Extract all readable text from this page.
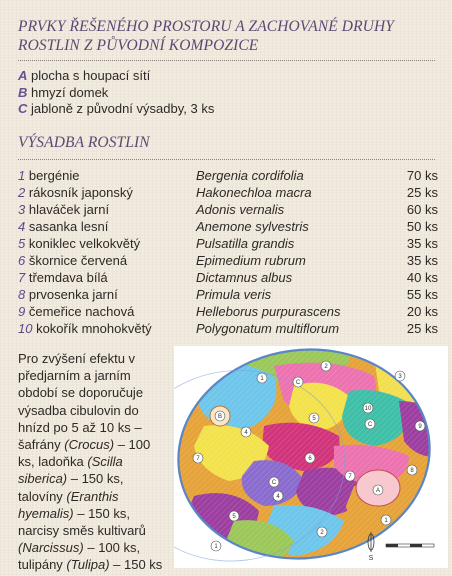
PRVKY ŘEŠENÉHO PROSTORU A ZACHOVANÉ DRUHY ROSTLIN Z PŮVODNÍ KOMPOZICE
A plocha s houpací sítí
B hmyzí domek
C jabloně z původní výsadby, 3 ks
VÝSADBA ROSTLIN
1 bergénie	Bergenia cordifolia	70 ks
2 rákosník japonský	Hakonechloa macra	25 ks
3 hlaváček jarní	Adonis vernalis	60 ks
4 sasanka lesní	Anemone sylvestris	50 ks
5 koniklec velkokvětý	Pulsatilla grandis	35 ks
6 škornice červená	Epimedium rubrum	35 ks
7 třemdava bílá	Dictamnus albus	40 ks
8 prvosenka jarní	Primula veris	55 ks
9 čemeřice nachová	Helleborus purpurascens	20 ks
10 kokořík mnohokvětý	Polygonatum multiflorum	25 ks
Pro zvýšení efektu v předjarním a jarním období se doporučuje výsadba cibulovin do hnízd po 5 až 10 ks – šafrány (Crocus) – 100 ks, ladoňka (Scilla siberica) – 150 ks, talovíny (Eranthis hyemalis) – 150 ks, narcisy směs kultivarů (Narcissus) – 100 ks, tulipány (Tulipa) – 150 ks
1
2
3
C
9
10
5
C
4
6
7
8
A
B
4
1
2
C
1
7
5
S
